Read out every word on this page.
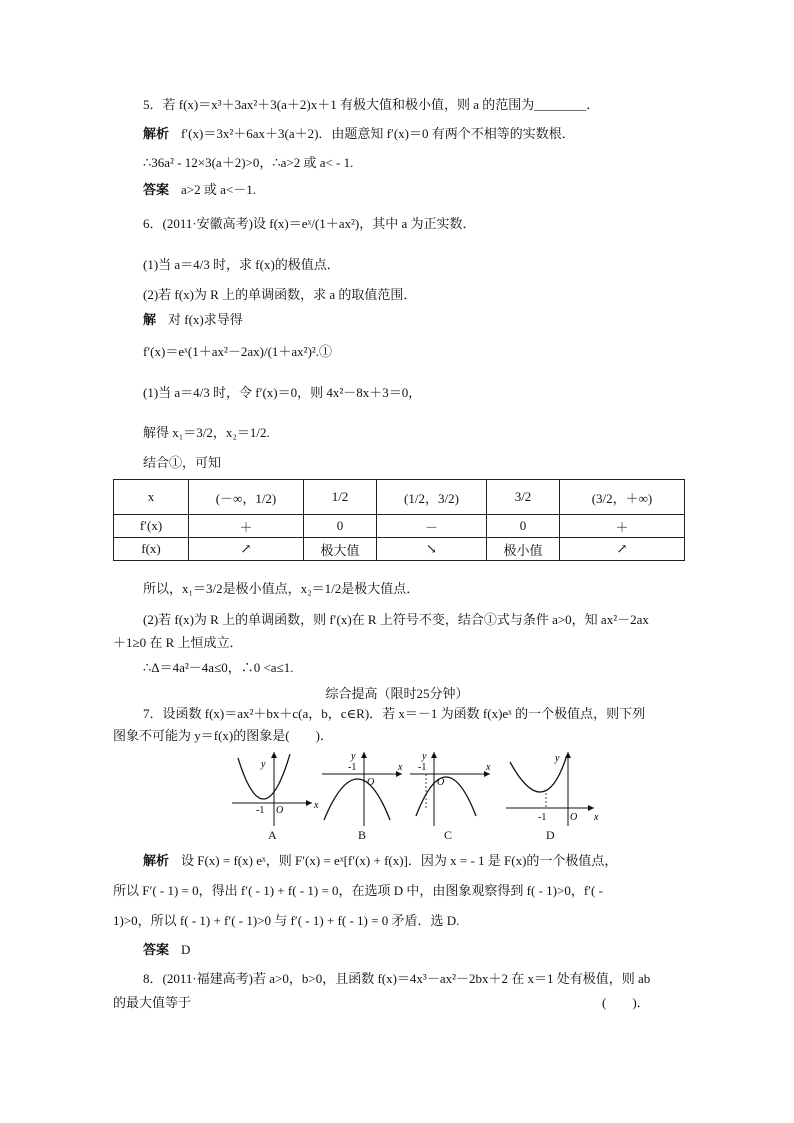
5．若 f(x)＝x³＋3ax²＋3(a＋2)x＋1 有极大值和极小值，则 a 的范围为________．
解析 f′(x)＝3x²＋6ax＋3(a＋2)．由题意知 f′(x)＝0 有两个不相等的实数根．
∴36a² - 12×3(a＋2)>0，∴a>2 或 a< - 1.
答案 a>2 或 a<－1.
6．(2011·安徽高考)设 f(x)＝eˣ/(1＋ax²)，其中 a 为正实数．
(1)当 a＝4/3 时，求 f(x)的极值点．
(2)若 f(x)为 R 上的单调函数，求 a 的取值范围．
解 对 f(x)求导得
f′(x)＝eˣ(1＋ax²－2ax)/(1＋ax²)².①
(1)当 a＝4/3 时，令 f′(x)＝0，则 4x²－8x＋3＝0，
解得 x₁＝3/2，x₂＝1/2.
结合①，可知
x	(－∞，1/2)	1/2	(1/2，3/2)	3/2	(3/2，＋∞)
f′(x)	＋	0	－	0	＋
f(x)	↗	极大值	↘	极小值	↗
所以，x₁＝3/2是极小值点，x₂＝1/2是极大值点．
(2)若 f(x)为 R 上的单调函数，则 f′(x)在 R 上符号不变，结合①式与条件 a>0，知 ax²－2ax
＋1≥0 在 R 上恒成立．
∴Δ＝4a²－4a≤0，∴0 <a≤1.
综合提高（限时25分钟）
7．设函数 f(x)＝ax²＋bx＋c(a，b，c∈R)．若 x＝－1 为函数 f(x)eˣ 的一个极值点，则下列
图象不可能为 y＝f(x)的图象是(　　)．
y
x
-1 O
A
y
x
-1
O
B
y
x
-1
O
C
y
x
-1 O
D
解析 设 F(x) = f(x) eˣ，则 F′(x) = eˣ[f′(x) + f(x)]．因为 x = - 1 是 F(x)的一个极值点，
所以 F′( - 1) = 0，得出 f′( - 1) + f( - 1) = 0，在选项 D 中，由图象观察得到 f( - 1)>0，f′( -
1)>0，所以 f( - 1) + f′( - 1)>0 与 f′( - 1) + f( - 1) = 0 矛盾．选 D.
答案 D
8．(2011·福建高考)若 a>0，b>0，且函数 f(x)＝4x³－ax²－2bx＋2 在 x＝1 处有极值，则 ab
的最大值等于	(　　)．
